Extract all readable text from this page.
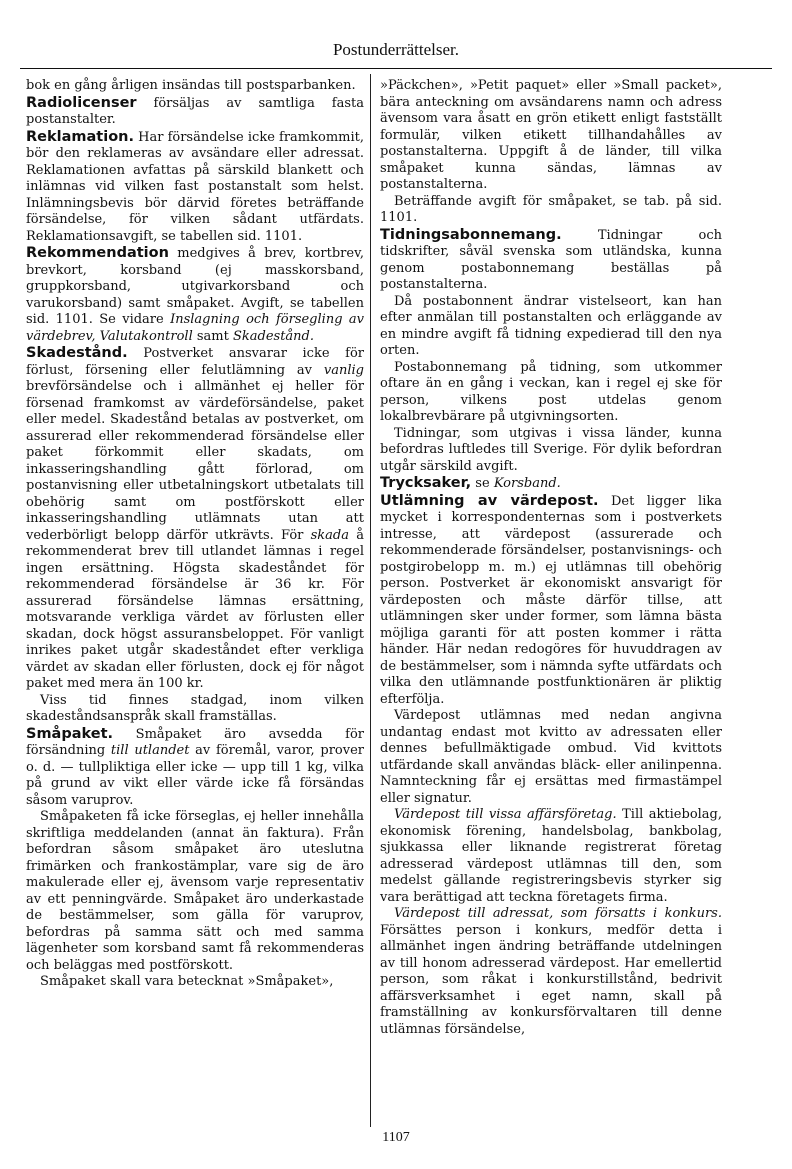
Postunderrättelser.

bok en gång årligen insändas till postsparbanken.

Radiolicenser försäljas av samtliga fasta postanstalter.

Reklamation. Har försändelse icke framkommit, bör den reklameras av avsändare eller adressat. Reklamationen avfattas på särskild blankett och inlämnas vid vilken fast postanstalt som helst. Inlämningsbevis bör därvid företes beträffande försändelse, för vilken sådant utfärdats. Reklamationsavgift, se tabellen sid. 1101.

Rekommendation medgives å brev, kortbrev, brevkort, korsband (ej masskorsband, gruppkorsband, utgivarkorsband och varukorsband) samt småpaket. Avgift, se tabellen sid. 1101. Se vidare Inslagning och försegling av värdebrev, Valutakontroll samt Skadestånd.

Skadestånd. Postverket ansvarar icke för förlust, försening eller felutlämning av vanlig brevförsändelse och i allmänhet ej heller för försenad framkomst av värdeförsändelse, paket eller medel. Skadestånd betalas av postverket, om assurerad eller rekommenderad försändelse eller paket förkommit eller skadats, om inkasseringshandling gått förlorad, om postanvisning eller utbetalningskort utbetalats till obehörig samt om postförskott eller inkasseringshandling utlämnats utan att vederbörligt belopp därför utkrävts. För skada å rekommenderat brev till utlandet lämnas i regel ingen ersättning. Högsta skadeståndet för rekommenderad försändelse är 36 kr. För assurerad försändelse lämnas ersättning, motsvarande verkliga värdet av förlusten eller skadan, dock högst assuransbeloppet. För vanligt inrikes paket utgår skadeståndet efter verkliga värdet av skadan eller förlusten, dock ej för något paket med mera än 100 kr.

Viss tid finnes stadgad, inom vilken skadeståndsanspråk skall framställas.

Småpaket. Småpaket äro avsedda för försändning till utlandet av föremål, varor, prover o. d. — tullpliktiga eller icke — upp till 1 kg, vilka på grund av vikt eller värde icke få försändas såsom varuprov.

Småpaketen få icke förseglas, ej heller innehålla skriftliga meddelanden (annat än faktura). Från befordran såsom småpaket äro uteslutna frimärken och frankostämplar, vare sig de äro makulerade eller ej, ävensom varje representativ av ett penningvärde. Småpaket äro underkastade de bestämmelser, som gälla för varuprov, befordras på samma sätt och med samma lägenheter som korsband samt få rekommenderas och beläggas med postförskott.

Småpaket skall vara betecknat »Småpaket»,

»Päckchen», »Petit paquet» eller »Small packet», bära anteckning om avsändarens namn och adress ävensom vara åsatt en grön etikett enligt fastställt formulär, vilken etikett tillhandahålles av postanstalterna. Uppgift å de länder, till vilka småpaket kunna sändas, lämnas av postanstalterna.

Beträffande avgift för småpaket, se tab. på sid. 1101.

Tidningsabonnemang. Tidningar och tidskrifter, såväl svenska som utländska, kunna genom postabonnemang beställas på postanstalterna.

Då postabonnent ändrar vistelseort, kan han efter anmälan till postanstalten och erläggande av en mindre avgift få tidning expedierad till den nya orten.

Postabonnemang på tidning, som utkommer oftare än en gång i veckan, kan i regel ej ske för person, vilkens post utdelas genom lokalbrevbärare på utgivningsorten.

Tidningar, som utgivas i vissa länder, kunna befordras luftledes till Sverige. För dylik befordran utgår särskild avgift.

Trycksaker, se Korsband.

Utlämning av värdepost. Det ligger lika mycket i korrespondenternas som i postverkets intresse, att värdepost (assurerade och rekommenderade försändelser, postanvisnings- och postgirobelopp m. m.) ej utlämnas till obehörig person. Postverket är ekonomiskt ansvarigt för värdeposten och måste därför tillse, att utlämningen sker under former, som lämna bästa möjliga garanti för att posten kommer i rätta händer. Här nedan redogöres för huvuddragen av de bestämmelser, som i nämnda syfte utfärdats och vilka den utlämnande postfunktionären är pliktig efterfölja.

Värdepost utlämnas med nedan angivna undantag endast mot kvitto av adressaten eller dennes befullmäktigade ombud. Vid kvittots utfärdande skall användas bläck- eller anilinpenna. Namnteckning får ej ersättas med firmastämpel eller signatur.

Värdepost till vissa affärsföretag. Till aktiebolag, ekonomisk förening, handelsbolag, bankbolag, sjukkassa eller liknande registrerat företag adresserad värdepost utlämnas till den, som medelst gällande registreringsbevis styrker sig vara berättigad att teckna företagets firma.

Värdepost till adressat, som försatts i konkurs. Försättes person i konkurs, medför detta i allmänhet ingen ändring beträffande utdelningen av till honom adresserad värdepost. Har emellertid person, som råkat i konkurstillstånd, bedrivit affärsverksamhet i eget namn, skall på framställning av konkursförvaltaren till denne utlämnas försändelse,

1107
